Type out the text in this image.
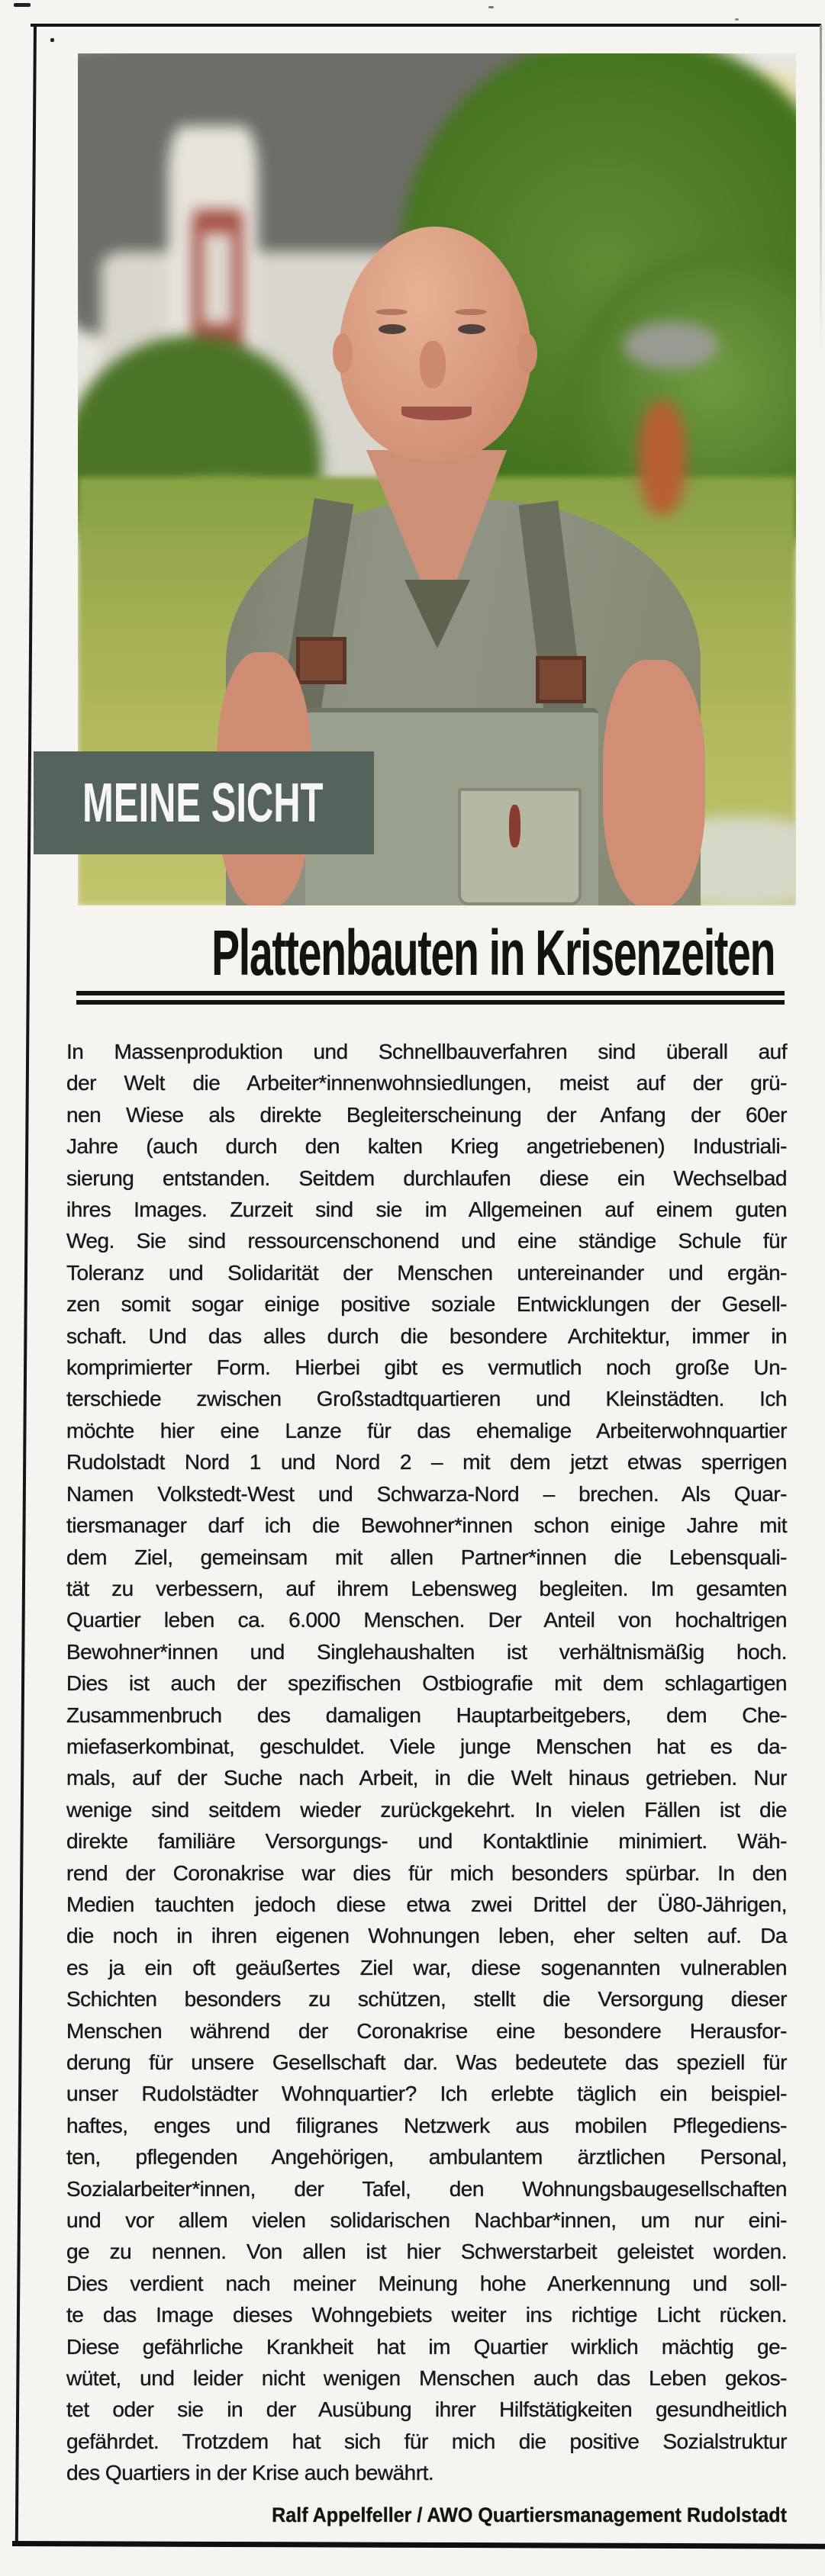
MEINE SICHT
Plattenbauten in Krisenzeiten
In Massenproduktion und Schnellbauverfahren sind überall auf
der Welt die Arbeiter*innenwohnsiedlungen, meist auf der grü-
nen Wiese als direkte Begleiterscheinung der Anfang der 60er
Jahre (auch durch den kalten Krieg angetriebenen) Industriali-
sierung entstanden. Seitdem durchlaufen diese ein Wechselbad
ihres Images. Zurzeit sind sie im Allgemeinen auf einem guten
Weg. Sie sind ressourcenschonend und eine ständige Schule für
Toleranz und Solidarität der Menschen untereinander und ergän-
zen somit sogar einige positive soziale Entwicklungen der Gesell-
schaft. Und das alles durch die besondere Architektur, immer in
komprimierter Form. Hierbei gibt es vermutlich noch große Un-
terschiede zwischen Großstadtquartieren und Kleinstädten. Ich
möchte hier eine Lanze für das ehemalige Arbeiterwohnquartier
Rudolstadt Nord 1 und Nord 2 – mit dem jetzt etwas sperrigen
Namen Volkstedt-West und Schwarza-Nord – brechen. Als Quar-
tiersmanager darf ich die Bewohner*innen schon einige Jahre mit
dem Ziel, gemeinsam mit allen Partner*innen die Lebensquali-
tät zu verbessern, auf ihrem Lebensweg begleiten. Im gesamten
Quartier leben ca. 6.000 Menschen. Der Anteil von hochaltrigen
Bewohner*innen und Singlehaushalten ist verhältnismäßig hoch.
Dies ist auch der spezifischen Ostbiografie mit dem schlagartigen
Zusammenbruch des damaligen Hauptarbeitgebers, dem Che-
miefaserkombinat, geschuldet. Viele junge Menschen hat es da-
mals, auf der Suche nach Arbeit, in die Welt hinaus getrieben. Nur
wenige sind seitdem wieder zurückgekehrt. In vielen Fällen ist die
direkte familiäre Versorgungs- und Kontaktlinie minimiert. Wäh-
rend der Coronakrise war dies für mich besonders spürbar. In den
Medien tauchten jedoch diese etwa zwei Drittel der Ü80-Jährigen,
die noch in ihren eigenen Wohnungen leben, eher selten auf. Da
es ja ein oft geäußertes Ziel war, diese sogenannten vulnerablen
Schichten besonders zu schützen, stellt die Versorgung dieser
Menschen während der Coronakrise eine besondere Herausfor-
derung für unsere Gesellschaft dar. Was bedeutete das speziell für
unser Rudolstädter Wohnquartier? Ich erlebte täglich ein beispiel-
haftes, enges und filigranes Netzwerk aus mobilen Pflegediens-
ten, pflegenden Angehörigen, ambulantem ärztlichen Personal,
Sozialarbeiter*innen, der Tafel, den Wohnungsbaugesellschaften
und vor allem vielen solidarischen Nachbar*innen, um nur eini-
ge zu nennen. Von allen ist hier Schwerstarbeit geleistet worden.
Dies verdient nach meiner Meinung hohe Anerkennung und soll-
te das Image dieses Wohngebiets weiter ins richtige Licht rücken.
Diese gefährliche Krankheit hat im Quartier wirklich mächtig ge-
wütet, und leider nicht wenigen Menschen auch das Leben gekos-
tet oder sie in der Ausübung ihrer Hilfstätigkeiten gesundheitlich
gefährdet. Trotzdem hat sich für mich die positive Sozialstruktur
des Quartiers in der Krise auch bewährt.
Ralf Appelfeller / AWO Quartiersmanagement Rudolstadt
